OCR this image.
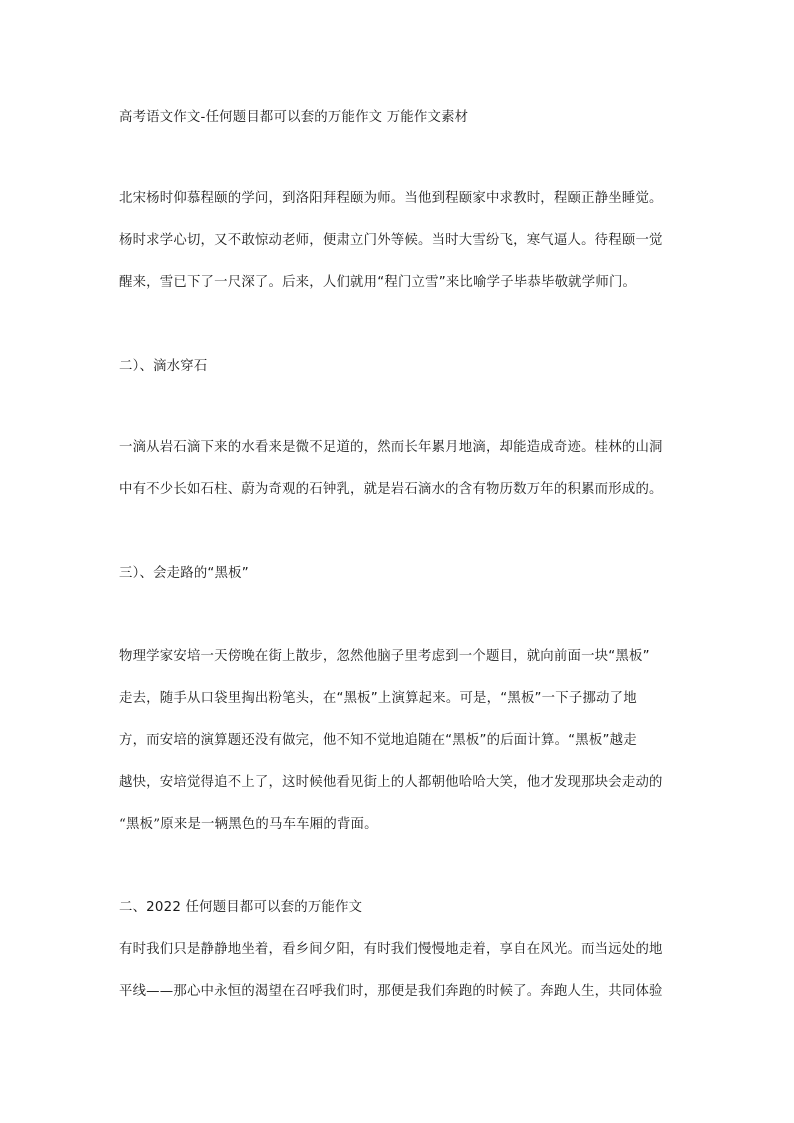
高考语文作文-任何题目都可以套的万能作文 万能作文素材
北宋杨时仰慕程颐的学问，到洛阳拜程颐为师。当他到程颐家中求教时，程颐正静坐睡觉。
杨时求学心切，又不敢惊动老师，便肃立门外等候。当时大雪纷飞，寒气逼人。待程颐一觉
醒来，雪已下了一尺深了。后来，人们就用“程门立雪”来比喻学子毕恭毕敬就学师门。
二）、滴水穿石
一滴从岩石滴下来的水看来是微不足道的，然而长年累月地滴，却能造成奇迹。桂林的山洞
中有不少长如石柱、蔚为奇观的石钟乳，就是岩石滴水的含有物历数万年的积累而形成的。
三）、会走路的“黑板”
物理学家安培一天傍晚在街上散步，忽然他脑子里考虑到一个题目，就向前面一块“黑板”
走去，随手从口袋里掏出粉笔头，在“黑板”上演算起来。可是，“黑板”一下子挪动了地
方，而安培的演算题还没有做完，他不知不觉地追随在“黑板”的后面计算。“黑板”越走
越快，安培觉得追不上了，这时候他看见街上的人都朝他哈哈大笑，他才发现那块会走动的
“黑板”原来是一辆黑色的马车车厢的背面。
二、2022 任何题目都可以套的万能作文
有时我们只是静静地坐着，看乡间夕阳，有时我们慢慢地走着，享自在风光。而当远处的地
平线——那心中永恒的渴望在召呼我们时，那便是我们奔跑的时候了。奔跑人生，共同体验
